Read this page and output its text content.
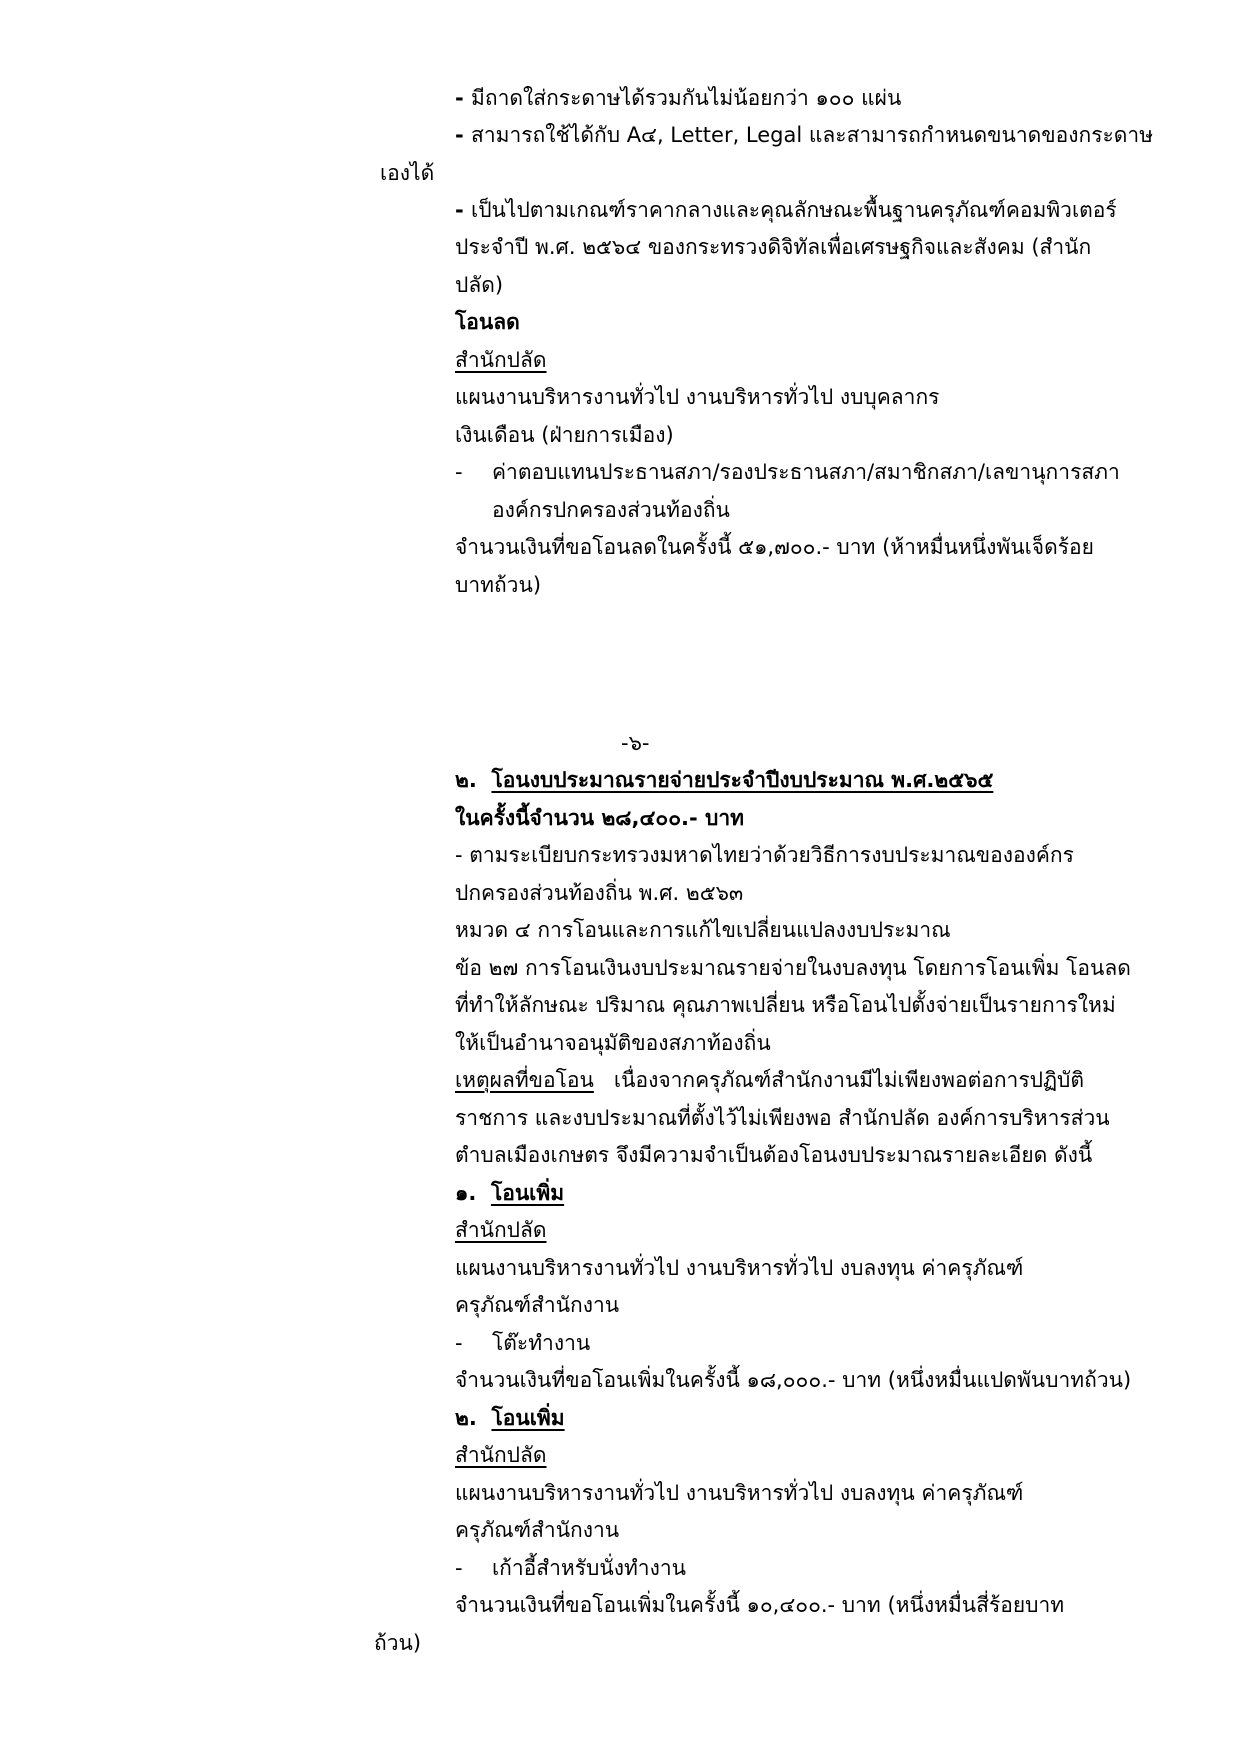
- มีถาดใส่กระดาษได้รวมกันไม่น้อยกว่า ๑๐๐ แผ่น
- สามารถใช้ได้กับ A๔, Letter, Legal และสามารถกำหนดขนาดของกระดาษ
เองได้
- เป็นไปตามเกณฑ์ราคากลางและคุณลักษณะพื้นฐานครุภัณฑ์คอมพิวเตอร์
ประจำปี พ.ศ. ๒๕๖๔ ของกระทรวงดิจิทัลเพื่อเศรษฐกิจและสังคม (สำนัก
ปลัด)
โอนลด
สำนักปลัด
แผนงานบริหารงานทั่วไป งานบริหารทั่วไป งบบุคลากร
เงินเดือน (ฝ่ายการเมือง)
- ค่าตอบแทนประธานสภา/รองประธานสภา/สมาชิกสภา/เลขานุการสภา
องค์กรปกครองส่วนท้องถิ่น
จำนวนเงินที่ขอโอนลดในครั้งนี้ ๕๑,๗๐๐.- บาท (ห้าหมื่นหนึ่งพันเจ็ดร้อย
บาทถ้วน)
-๖-
๒. โอนงบประมาณรายจ่ายประจำปีงบประมาณ พ.ศ.๒๕๖๕
ในครั้งนี้จำนวน ๒๘,๔๐๐.- บาท
- ตามระเบียบกระทรวงมหาดไทยว่าด้วยวิธีการงบประมาณขององค์กร
ปกครองส่วนท้องถิ่น พ.ศ. ๒๕๖๓
หมวด ๔ การโอนและการแก้ไขเปลี่ยนแปลงงบประมาณ
ข้อ ๒๗ การโอนเงินงบประมาณรายจ่ายในงบลงทุน โดยการโอนเพิ่ม โอนลด
ที่ทำให้ลักษณะ ปริมาณ คุณภาพเปลี่ยน หรือโอนไปตั้งจ่ายเป็นรายการใหม่
ให้เป็นอำนาจอนุมัติของสภาท้องถิ่น
เหตุผลที่ขอโอน เนื่องจากครุภัณฑ์สำนักงานมีไม่เพียงพอต่อการปฏิบัติ
ราชการ และงบประมาณที่ตั้งไว้ไม่เพียงพอ สำนักปลัด องค์การบริหารส่วน
ตำบลเมืองเกษตร จึงมีความจำเป็นต้องโอนงบประมาณรายละเอียด ดังนี้
๑. โอนเพิ่ม
สำนักปลัด
แผนงานบริหารงานทั่วไป งานบริหารทั่วไป งบลงทุน ค่าครุภัณฑ์
ครุภัณฑ์สำนักงาน
- โต๊ะทำงาน
จำนวนเงินที่ขอโอนเพิ่มในครั้งนี้ ๑๘,๐๐๐.- บาท (หนึ่งหมื่นแปดพันบาทถ้วน)
๒. โอนเพิ่ม
สำนักปลัด
แผนงานบริหารงานทั่วไป งานบริหารทั่วไป งบลงทุน ค่าครุภัณฑ์
ครุภัณฑ์สำนักงาน
- เก้าอี้สำหรับนั่งทำงาน
จำนวนเงินที่ขอโอนเพิ่มในครั้งนี้ ๑๐,๔๐๐.- บาท (หนึ่งหมื่นสี่ร้อยบาท
ถ้วน)
